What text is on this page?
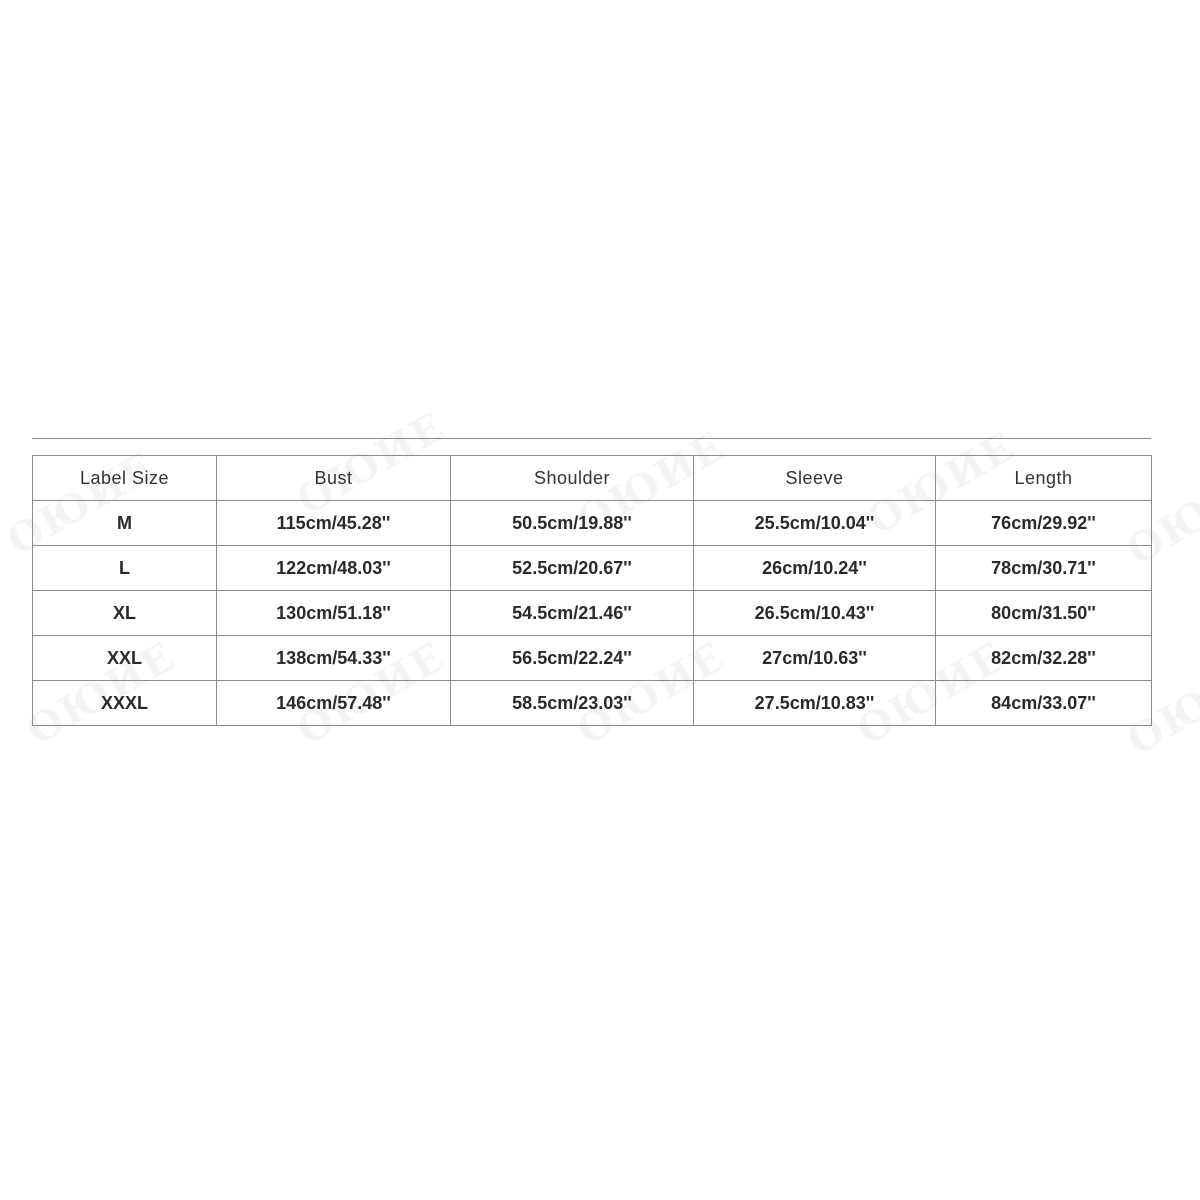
Label Size	Bust	Shoulder	Sleeve	Length
M	115cm/45.28''	50.5cm/19.88''	25.5cm/10.04''	76cm/29.92''
L	122cm/48.03''	52.5cm/20.67''	26cm/10.24''	78cm/30.71''
XL	130cm/51.18''	54.5cm/21.46''	26.5cm/10.43''	80cm/31.50''
XXL	138cm/54.33''	56.5cm/22.24''	27cm/10.63''	82cm/32.28''
XXXL	146cm/57.48''	58.5cm/23.03''	27.5cm/10.83''	84cm/33.07''
